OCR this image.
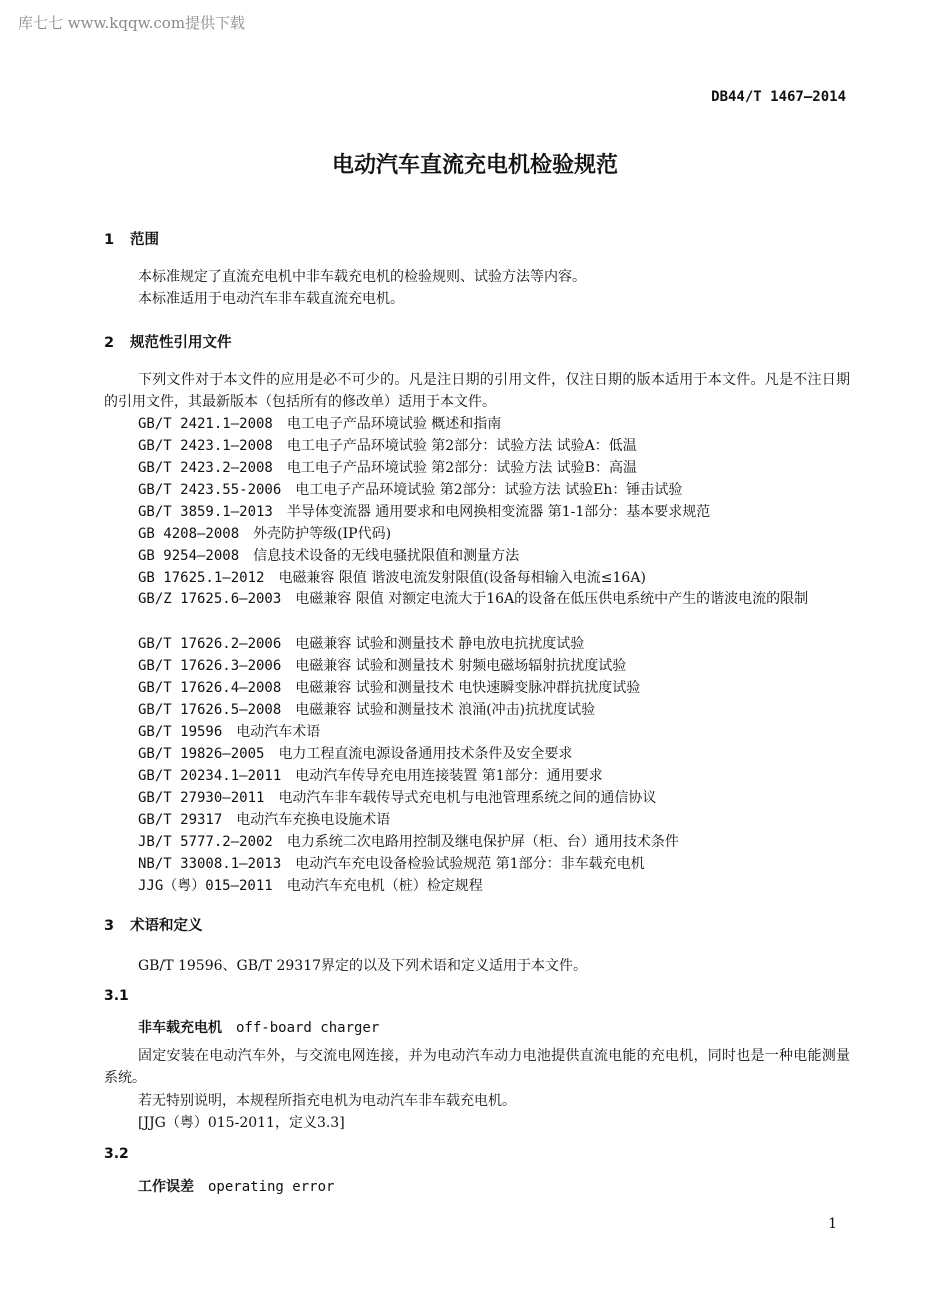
库七七 www.kqqw.com提供下载
DB44/T 1467—2014
电动汽车直流充电机检验规范
1 范围
本标准规定了直流充电机中非车载充电机的检验规则、试验方法等内容。
本标准适用于电动汽车非车载直流充电机。
2 规范性引用文件
下列文件对于本文件的应用是必不可少的。凡是注日期的引用文件，仅注日期的版本适用于本文件。凡是不注日期的引用文件，其最新版本（包括所有的修改单）适用于本文件。
GB/T 2421.1—2008 电工电子产品环境试验 概述和指南
GB/T 2423.1—2008 电工电子产品环境试验 第2部分：试验方法 试验A：低温
GB/T 2423.2—2008 电工电子产品环境试验 第2部分：试验方法 试验B：高温
GB/T 2423.55-2006 电工电子产品环境试验 第2部分：试验方法 试验Eh：锤击试验
GB/T 3859.1—2013 半导体变流器 通用要求和电网换相变流器 第1-1部分：基本要求规范
GB 4208—2008 外壳防护等级(IP代码)
GB 9254—2008 信息技术设备的无线电骚扰限值和测量方法
GB 17625.1—2012 电磁兼容 限值 谐波电流发射限值(设备每相输入电流≤16A)
GB/Z 17625.6—2003 电磁兼容 限值 对额定电流大于16A的设备在低压供电系统中产生的谐波电流的限制
GB/T 17626.2—2006 电磁兼容 试验和测量技术 静电放电抗扰度试验
GB/T 17626.3—2006 电磁兼容 试验和测量技术 射频电磁场辐射抗扰度试验
GB/T 17626.4—2008 电磁兼容 试验和测量技术 电快速瞬变脉冲群抗扰度试验
GB/T 17626.5—2008 电磁兼容 试验和测量技术 浪涌(冲击)抗扰度试验
GB/T 19596 电动汽车术语
GB/T 19826—2005 电力工程直流电源设备通用技术条件及安全要求
GB/T 20234.1—2011 电动汽车传导充电用连接装置 第1部分：通用要求
GB/T 27930—2011 电动汽车非车载传导式充电机与电池管理系统之间的通信协议
GB/T 29317 电动汽车充换电设施术语
JB/T 5777.2—2002 电力系统二次电路用控制及继电保护屏（柜、台）通用技术条件
NB/T 33008.1—2013 电动汽车充电设备检验试验规范 第1部分：非车载充电机
JJG（粤）015—2011 电动汽车充电机（桩）检定规程
3 术语和定义
GB/T 19596、GB/T 29317界定的以及下列术语和定义适用于本文件。
3.1
非车载充电机 off-board charger
固定安装在电动汽车外，与交流电网连接，并为电动汽车动力电池提供直流电能的充电机，同时也是一种电能测量系统。
若无特别说明，本规程所指充电机为电动汽车非车载充电机。
[JJG（粤）015-2011，定义3.3]
3.2
工作误差 operating error
1
